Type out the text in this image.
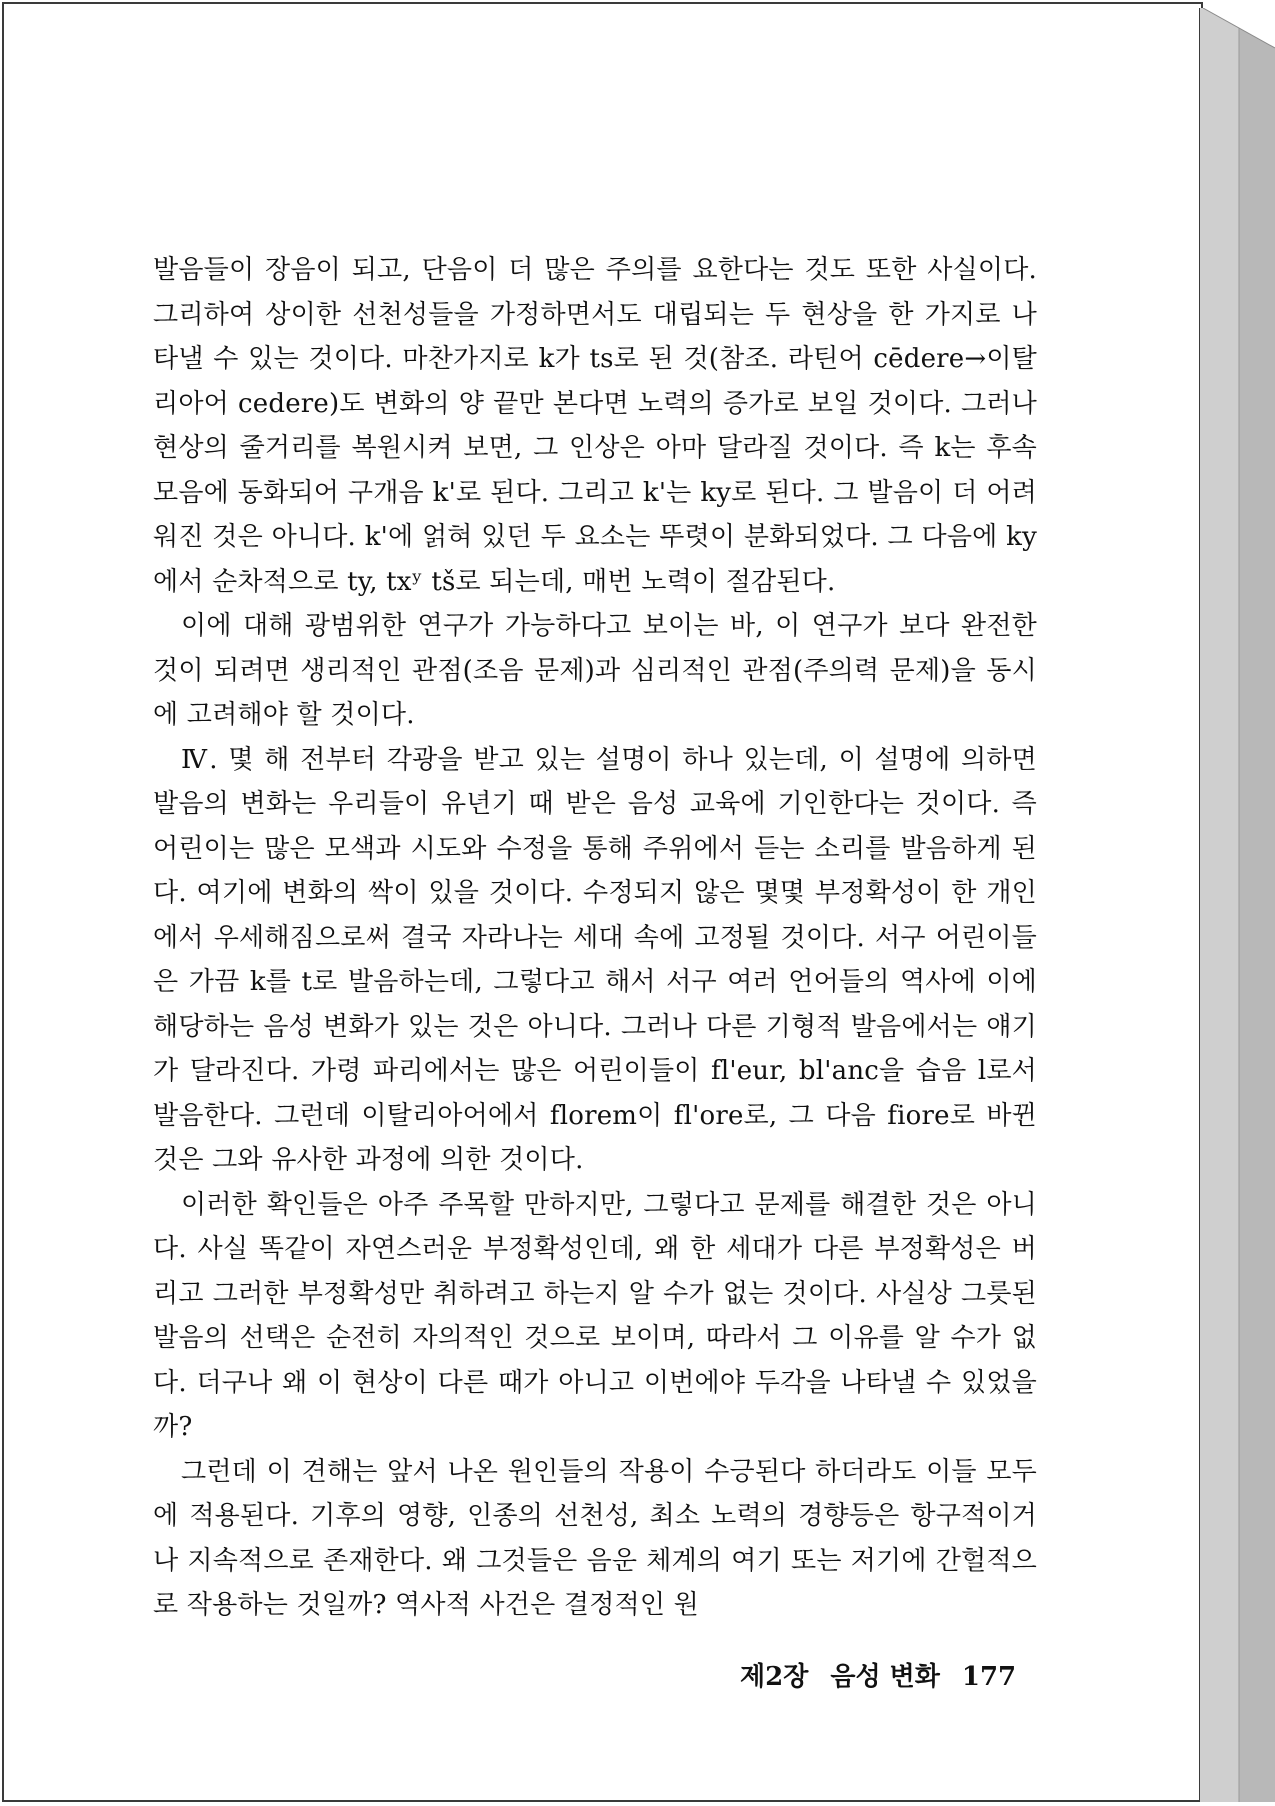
발음들이 장음이 되고, 단음이 더 많은 주의를 요한다는 것도 또한 사실이다. 그리하여 상이한 선천성들을 가정하면서도 대립되는 두 현상을 한 가지로 나타낼 수 있는 것이다. 마찬가지로 k가 ts로 된 것(참조. 라틴어 cēdere→이탈리아어 cedere)도 변화의 양 끝만 본다면 노력의 증가로 보일 것이다. 그러나 현상의 줄거리를 복원시켜 보면, 그 인상은 아마 달라질 것이다. 즉 k는 후속 모음에 동화되어 구개음 k'로 된다. 그리고 k'는 ky로 된다. 그 발음이 더 어려워진 것은 아니다. k'에 얽혀 있던 두 요소는 뚜렷이 분화되었다. 그 다음에 ky에서 순차적으로 ty, txʸ tš로 되는데, 매번 노력이 절감된다.

이에 대해 광범위한 연구가 가능하다고 보이는 바, 이 연구가 보다 완전한 것이 되려면 생리적인 관점(조음 문제)과 심리적인 관점(주의력 문제)을 동시에 고려해야 할 것이다.

Ⅳ. 몇 해 전부터 각광을 받고 있는 설명이 하나 있는데, 이 설명에 의하면 발음의 변화는 우리들이 유년기 때 받은 음성 교육에 기인한다는 것이다. 즉 어린이는 많은 모색과 시도와 수정을 통해 주위에서 듣는 소리를 발음하게 된다. 여기에 변화의 싹이 있을 것이다. 수정되지 않은 몇몇 부정확성이 한 개인에서 우세해짐으로써 결국 자라나는 세대 속에 고정될 것이다. 서구 어린이들은 가끔 k를 t로 발음하는데, 그렇다고 해서 서구 여러 언어들의 역사에 이에 해당하는 음성 변화가 있는 것은 아니다. 그러나 다른 기형적 발음에서는 얘기가 달라진다. 가령 파리에서는 많은 어린이들이 fl'eur, bl'anc을 습음 l로서 발음한다. 그런데 이탈리아어에서 florem이 fl'ore로, 그 다음 fiore로 바뀐 것은 그와 유사한 과정에 의한 것이다.

이러한 확인들은 아주 주목할 만하지만, 그렇다고 문제를 해결한 것은 아니다. 사실 똑같이 자연스러운 부정확성인데, 왜 한 세대가 다른 부정확성은 버리고 그러한 부정확성만 취하려고 하는지 알 수가 없는 것이다. 사실상 그릇된 발음의 선택은 순전히 자의적인 것으로 보이며, 따라서 그 이유를 알 수가 없다. 더구나 왜 이 현상이 다른 때가 아니고 이번에야 두각을 나타낼 수 있었을까?

그런데 이 견해는 앞서 나온 원인들의 작용이 수긍된다 하더라도 이들 모두에 적용된다. 기후의 영향, 인종의 선천성, 최소 노력의 경향등은 항구적이거나 지속적으로 존재한다. 왜 그것들은 음운 체계의 여기 또는 저기에 간헐적으로 작용하는 것일까? 역사적 사건은 결정적인 원

제2장 음성 변화 177
